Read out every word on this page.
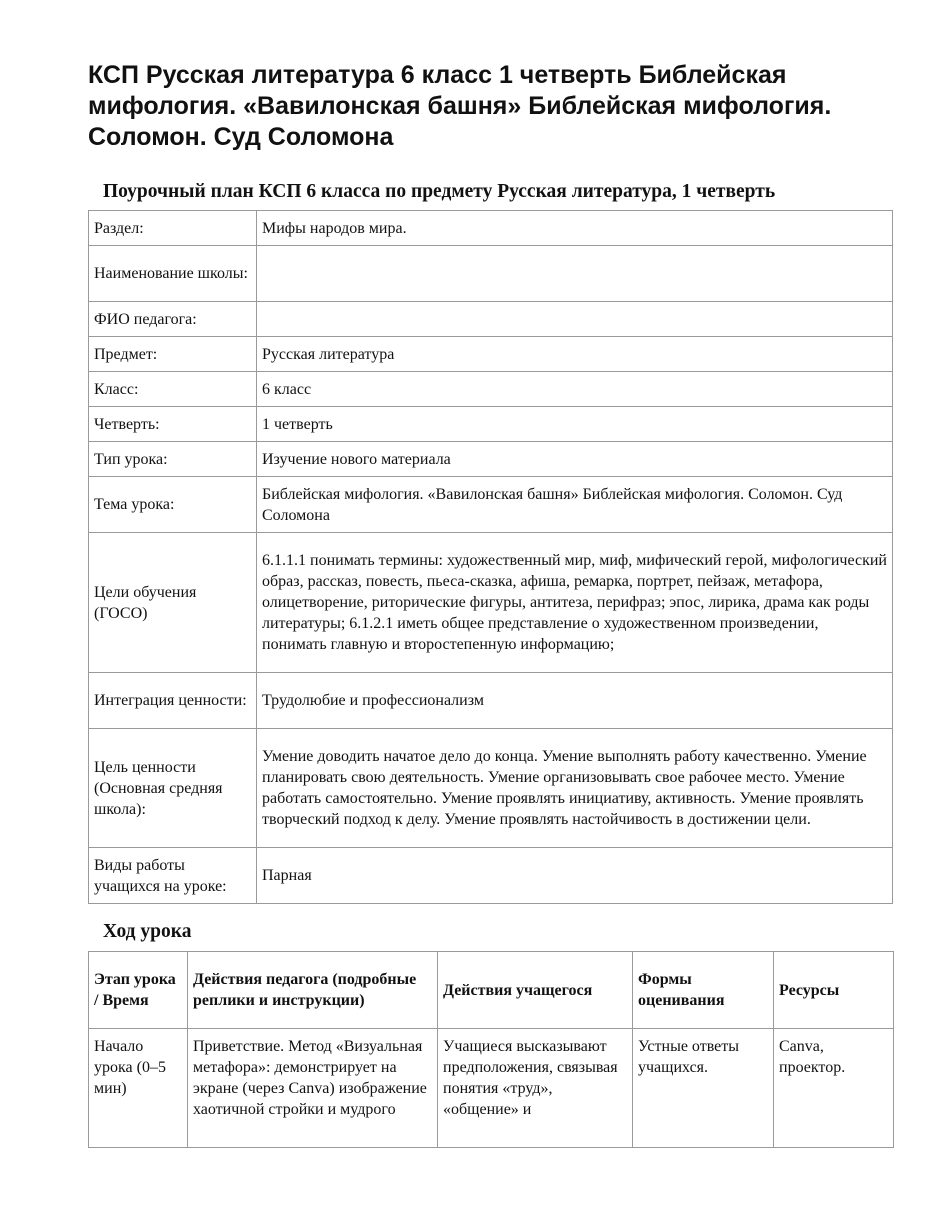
КСП Русская литература 6 класс 1 четверть Библейская мифология. «Вавилонская башня» Библейская мифология. Соломон. Суд Соломона
Поурочный план КСП 6 класса по предмету Русская литература, 1 четверть
Раздел:	Мифы народов мира.
Наименование школы:	
ФИО педагога:	
Предмет:	Русская литература
Класс:	6 класс
Четверть:	1 четверть
Тип урока:	Изучение нового материала
Тема урока:	Библейская мифология. «Вавилонская башня» Библейская мифология. Соломон. Суд Соломона
Цели обучения (ГОСО)	6.1.1.1 понимать термины: художественный мир, миф, мифический герой, мифологический образ, рассказ, повесть, пьеса-сказка, афиша, ремарка, портрет, пейзаж, метафора, олицетворение, риторические фигуры, антитеза, перифраз; эпос, лирика, драма как роды литературы; 6.1.2.1 иметь общее представление о художественном произведении, понимать главную и второстепенную информацию;
Интеграция ценности:	Трудолюбие и профессионализм
Цель ценности (Основная средняя школа):	Умение доводить начатое дело до конца. Умение выполнять работу качественно. Умение планировать свою деятельность. Умение организовывать свое рабочее место. Умение работать самостоятельно. Умение проявлять инициативу, активность. Умение проявлять творческий подход к делу. Умение проявлять настойчивость в достижении цели.
Виды работы учащихся на уроке:	Парная
Ход урока
Этап урока / Время	Действия педагога (подробные реплики и инструкции)	Действия учащегося	Формы оценивания	Ресурсы
Начало урока (0–5 мин)	Приветствие. Метод «Визуальная метафора»: демонстрирует на экране (через Canva) изображение хаотичной стройки и мудрого	Учащиеся высказывают предположения, связывая понятия «труд», «общение» и	Устные ответы учащихся.	Canva, проектор.
